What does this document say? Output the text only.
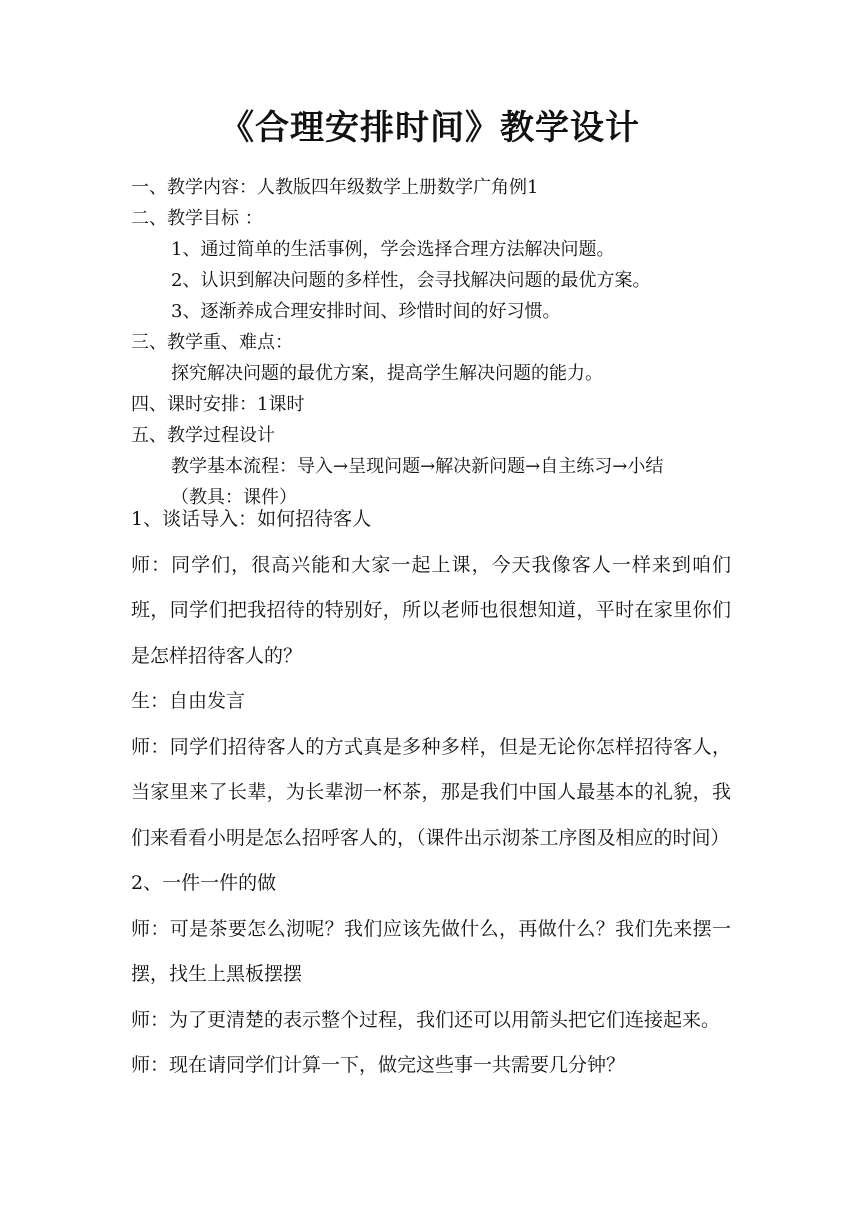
《合理安排时间》教学设计
一、教学内容：人教版四年级数学上册数学广角例1
二、教学目标 ：
1、通过简单的生活事例，学会选择合理方法解决问题。
2、认识到解决问题的多样性，会寻找解决问题的最优方案。
3、逐渐养成合理安排时间、珍惜时间的好习惯。
三、教学重、难点：
探究解决问题的最优方案，提高学生解决问题的能力。
四、课时安排：1课时
五、教学过程设计
教学基本流程：导入→呈现问题→解决新问题→自主练习→小结
（教具：课件）
1、谈话导入：如何招待客人
师：同学们，很高兴能和大家一起上课，今天我像客人一样来到咱们班，同学们把我招待的特别好，所以老师也很想知道，平时在家里你们是怎样招待客人的？
生：自由发言
师：同学们招待客人的方式真是多种多样，但是无论你怎样招待客人，当家里来了长辈，为长辈沏一杯茶，那是我们中国人最基本的礼貌，我们来看看小明是怎么招呼客人的，（课件出示沏茶工序图及相应的时间）
2、一件一件的做
师：可是茶要怎么沏呢？我们应该先做什么，再做什么？我们先来摆一摆，找生上黑板摆摆
师：为了更清楚的表示整个过程，我们还可以用箭头把它们连接起来。
师：现在请同学们计算一下，做完这些事一共需要几分钟？
